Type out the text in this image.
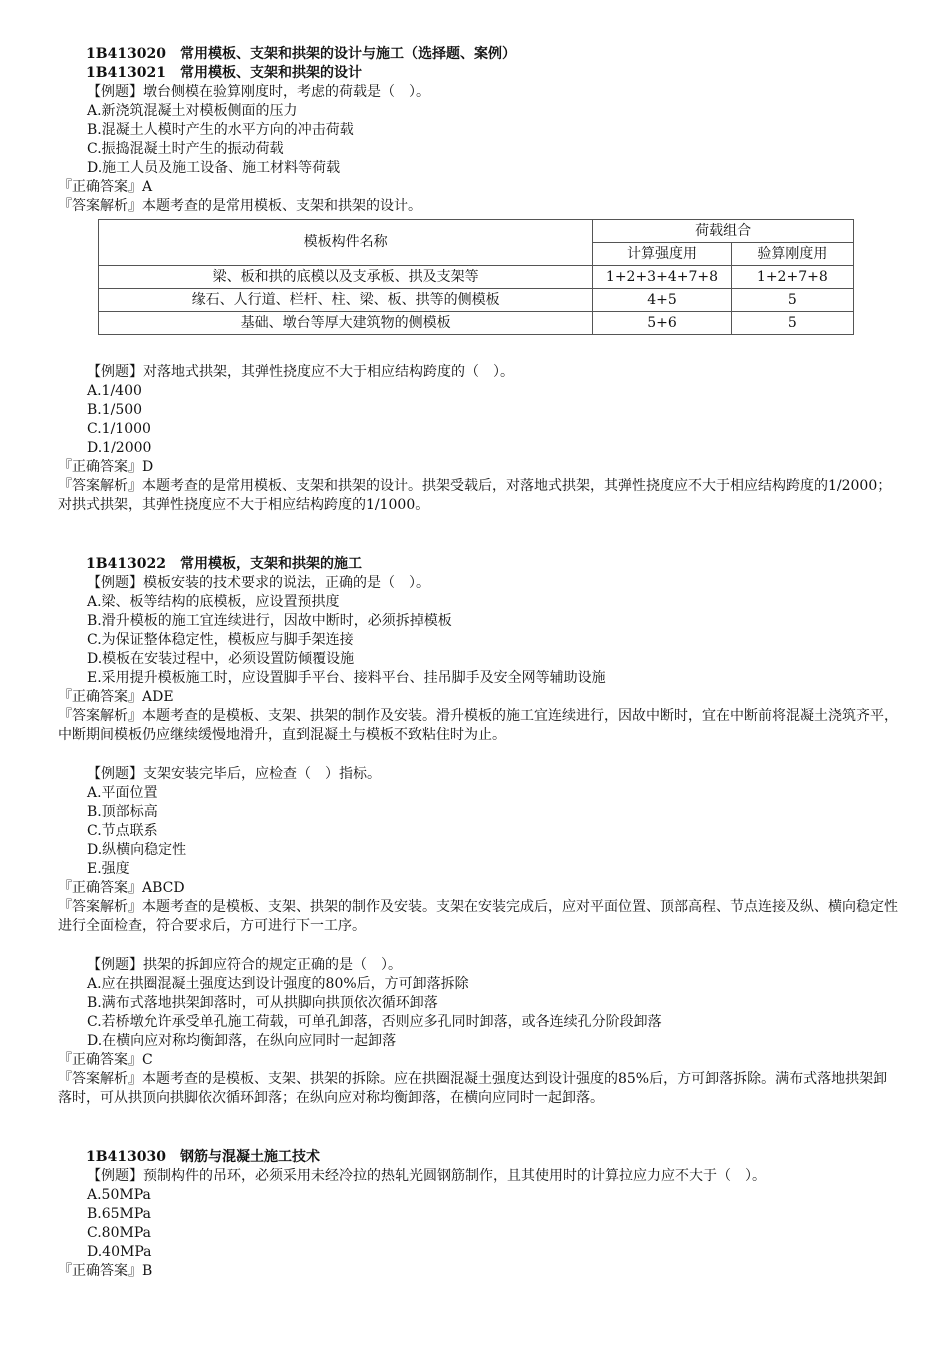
1B413020　常用模板、支架和拱架的设计与施工（选择题、案例）
1B413021　常用模板、支架和拱架的设计
【例题】墩台侧模在验算刚度时，考虑的荷载是（　）。
A.新浇筑混凝土对模板侧面的压力
B.混凝土人模时产生的水平方向的冲击荷载
C.振捣混凝土时产生的振动荷载
D.施工人员及施工设备、施工材料等荷载
『正确答案』A
『答案解析』本题考查的是常用模板、支架和拱架的设计。
模板构件名称	荷载组合	
	计算强度用	验算刚度用
梁、板和拱的底模以及支承板、拱及支架等	1+2+3+4+7+8	1+2+7+8
缘石、人行道、栏杆、柱、梁、板、拱等的侧模板	4+5	5
基础、墩台等厚大建筑物的侧模板	5+6	5
【例题】对落地式拱架，其弹性挠度应不大于相应结构跨度的（　）。
A.1/400
B.1/500
C.1/1000
D.1/2000
『正确答案』D
『答案解析』本题考查的是常用模板、支架和拱架的设计。拱架受载后，对落地式拱架，其弹性挠度应不大于相应结构跨度的1/2000；对拱式拱架，其弹性挠度应不大于相应结构跨度的1/1000。
1B413022　常用模板，支架和拱架的施工
【例题】模板安装的技术要求的说法，正确的是（　）。
A.梁、板等结构的底模板，应设置预拱度
B.滑升模板的施工宜连续进行，因故中断时，必须拆掉模板
C.为保证整体稳定性，模板应与脚手架连接
D.模板在安装过程中，必须设置防倾覆设施
E.采用提升模板施工时，应设置脚手平台、接料平台、挂吊脚手及安全网等辅助设施
『正确答案』ADE
『答案解析』本题考查的是模板、支架、拱架的制作及安装。滑升模板的施工宜连续进行，因故中断时，宜在中断前将混凝土浇筑齐平，中断期间模板仍应继续缓慢地滑升，直到混凝土与模板不致粘住时为止。
【例题】支架安装完毕后，应检查（　）指标。
A.平面位置
B.顶部标高
C.节点联系
D.纵横向稳定性
E.强度
『正确答案』ABCD
『答案解析』本题考查的是模板、支架、拱架的制作及安装。支架在安装完成后，应对平面位置、顶部高程、节点连接及纵、横向稳定性进行全面检查，符合要求后，方可进行下一工序。
【例题】拱架的拆卸应符合的规定正确的是（　）。
A.应在拱圈混凝土强度达到设计强度的80%后，方可卸落拆除
B.满布式落地拱架卸落时，可从拱脚向拱顶依次循环卸落
C.若桥墩允许承受单孔施工荷载，可单孔卸落，否则应多孔同时卸落，或各连续孔分阶段卸落
D.在横向应对称均衡卸落，在纵向应同时一起卸落
『正确答案』C
『答案解析』本题考查的是模板、支架、拱架的拆除。应在拱圈混凝土强度达到设计强度的85%后，方可卸落拆除。满布式落地拱架卸落时，可从拱顶向拱脚依次循环卸落；在纵向应对称均衡卸落，在横向应同时一起卸落。
1B413030　钢筋与混凝土施工技术
【例题】预制构件的吊环，必须采用未经冷拉的热轧光圆钢筋制作，且其使用时的计算拉应力应不大于（　）。
A.50MPa
B.65MPa
C.80MPa
D.40MPa
『正确答案』B
